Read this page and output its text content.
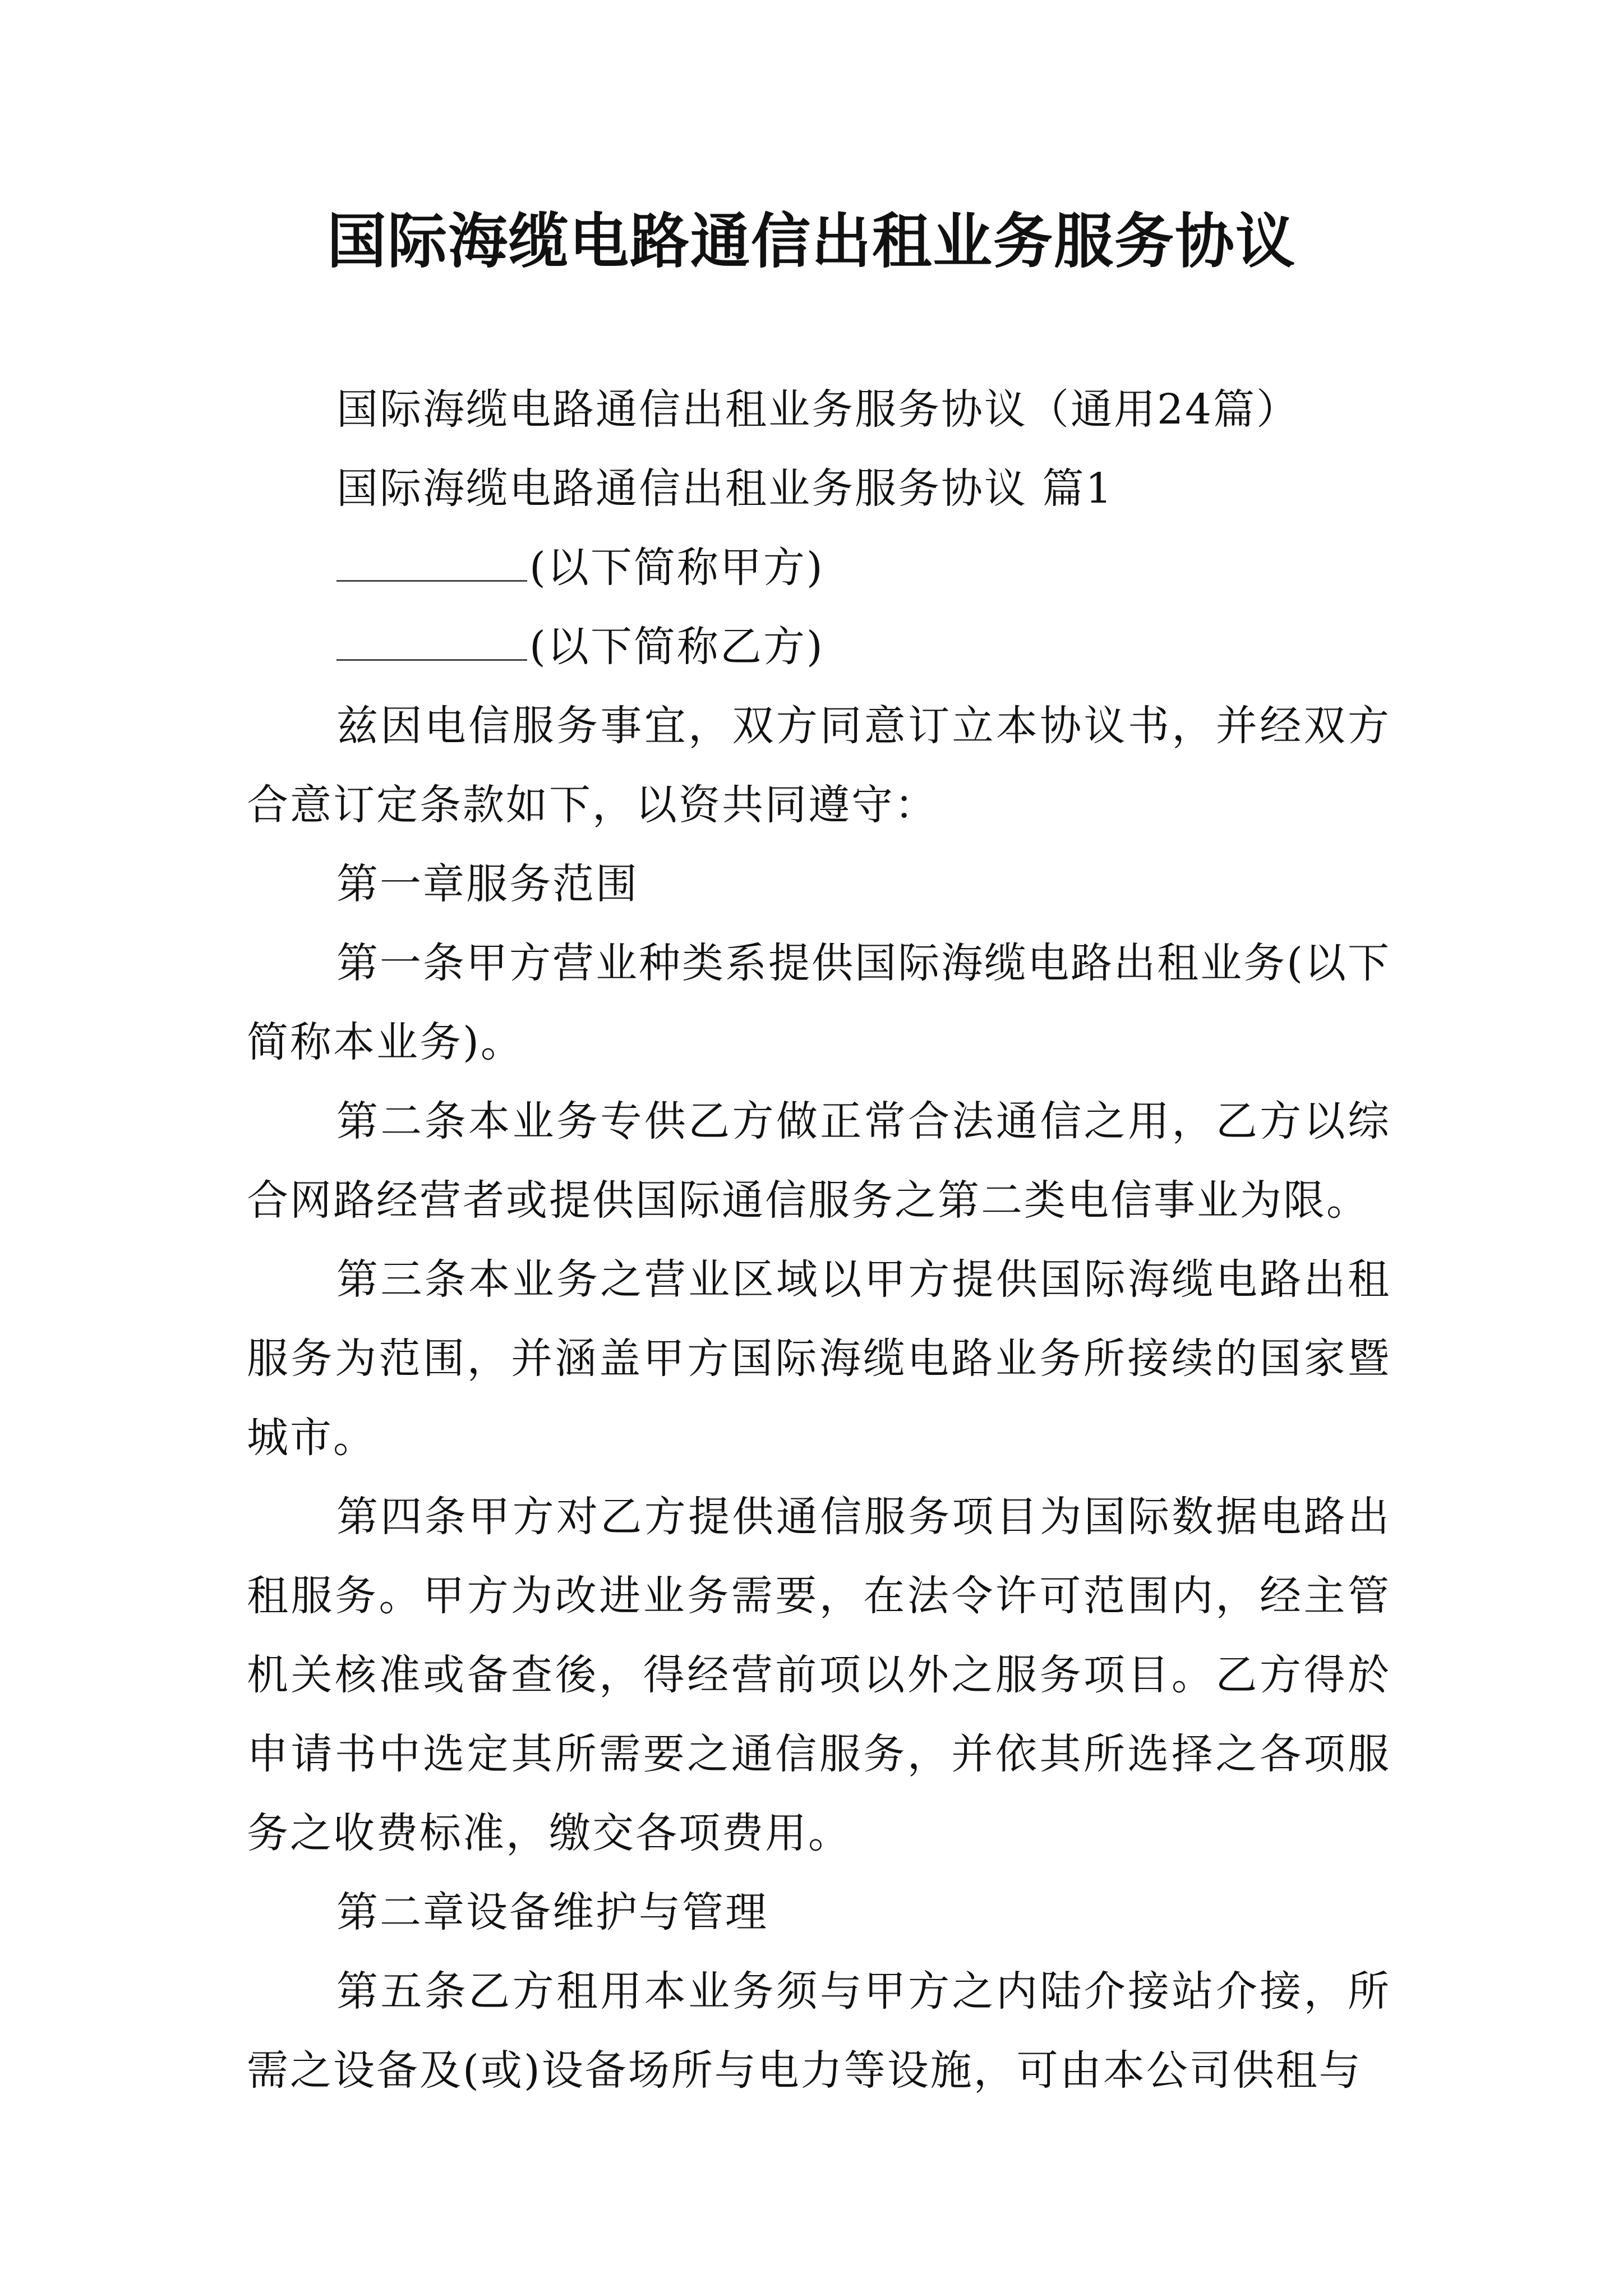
国际海缆电路通信出租业务服务协议

国际海缆电路通信出租业务服务协议（通用24篇）

国际海缆电路通信出租业务服务协议 篇1

(以下简称甲方)

(以下简称乙方)

兹因电信服务事宜，双方同意订立本协议书，并经双方合意订定条款如下，以资共同遵守：

第一章服务范围

第一条甲方营业种类系提供国际海缆电路出租业务(以下简称本业务)。

第二条本业务专供乙方做正常合法通信之用，乙方以综合网路经营者或提供国际通信服务之第二类电信事业为限。

第三条本业务之营业区域以甲方提供国际海缆电路出租服务为范围，并涵盖甲方国际海缆电路业务所接续的国家暨城市。

第四条甲方对乙方提供通信服务项目为国际数据电路出租服务。甲方为改进业务需要，在法令许可范围内，经主管机关核准或备查後，得经营前项以外之服务项目。乙方得於申请书中选定其所需要之通信服务，并依其所选择之各项服务之收费标准，缴交各项费用。

第二章设备维护与管理

第五条乙方租用本业务须与甲方之内陆介接站介接，所需之设备及(或)设备场所与电力等设施，可由本公司供租与
